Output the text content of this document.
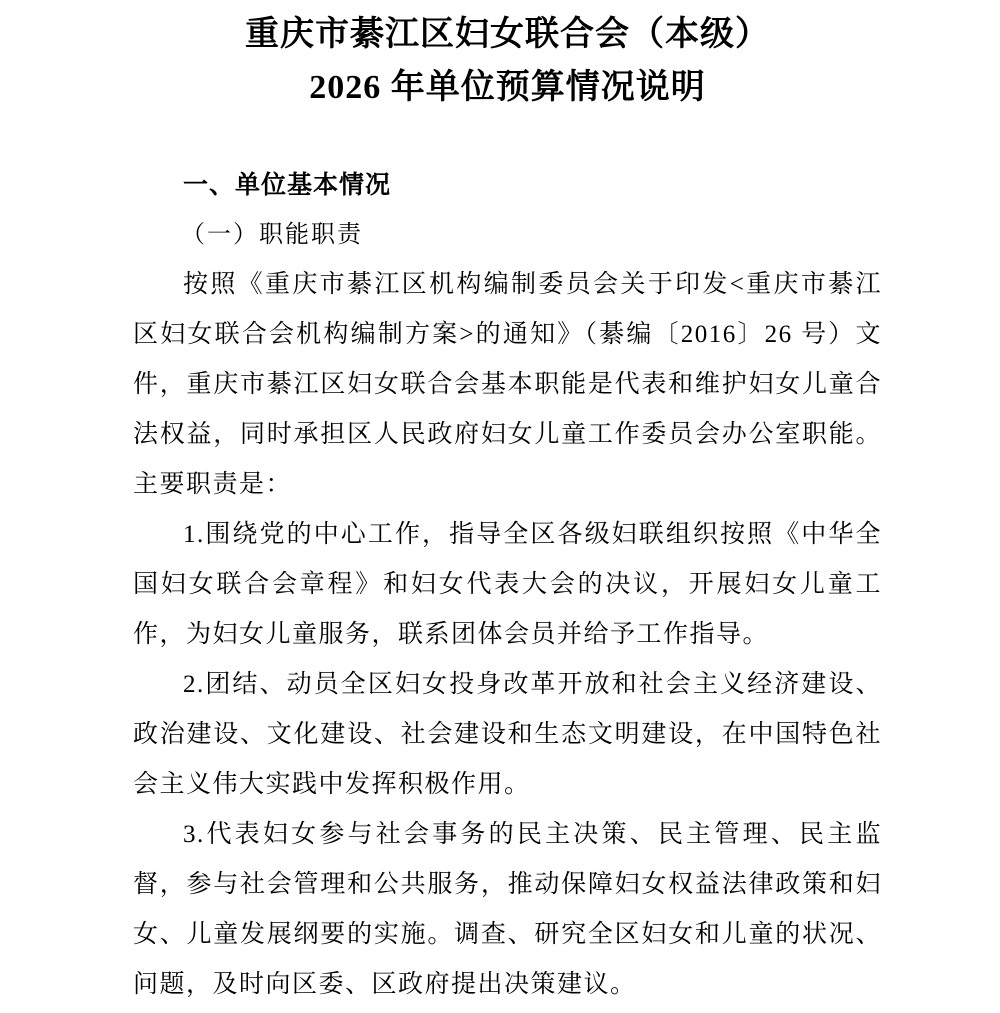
重庆市綦江区妇女联合会（本级）
2026 年单位预算情况说明
一、单位基本情况
（一）职能职责

按照《重庆市綦江区机构编制委员会关于印发<重庆市綦江区妇女联合会机构编制方案>的通知》（綦编〔2016〕26 号）文件，重庆市綦江区妇女联合会基本职能是代表和维护妇女儿童合法权益，同时承担区人民政府妇女儿童工作委员会办公室职能。主要职责是：

1.围绕党的中心工作，指导全区各级妇联组织按照《中华全国妇女联合会章程》和妇女代表大会的决议，开展妇女儿童工作，为妇女儿童服务，联系团体会员并给予工作指导。

2.团结、动员全区妇女投身改革开放和社会主义经济建设、政治建设、文化建设、社会建设和生态文明建设，在中国特色社会主义伟大实践中发挥积极作用。

3.代表妇女参与社会事务的民主决策、民主管理、民主监督，参与社会管理和公共服务，推动保障妇女权益法律政策和妇女、儿童发展纲要的实施。调查、研究全区妇女和儿童的状况、问题，及时向区委、区政府提出决策建议。
